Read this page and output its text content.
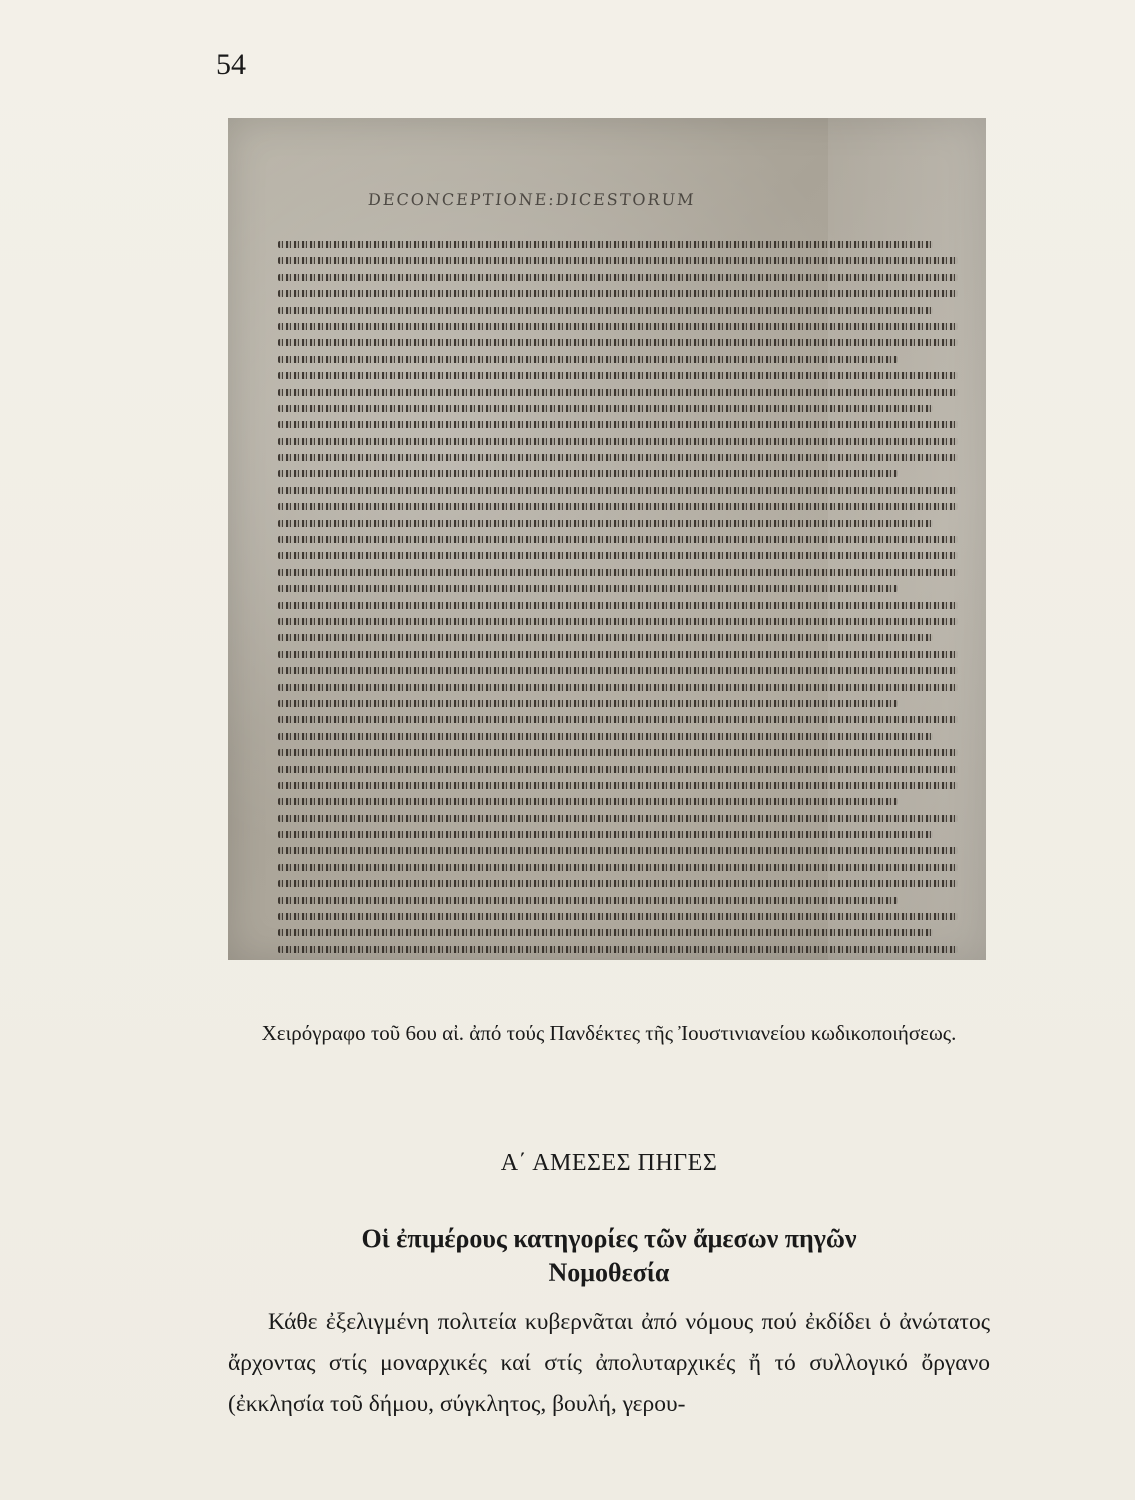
54
DECONCEPTIONE:DICESTORUM
Χειρόγραφο τοῦ 6ου αἰ. ἀπό τούς Πανδέκτες τῆς Ἰουστινιανείου κωδικοποιήσεως.
Α΄ ΑΜΕΣΕΣ ΠΗΓΕΣ
Οἱ ἐπιμέρους κατηγορίες τῶν ἄμεσων πηγῶν
Νομοθεσία

Κάθε ἐξελιγμένη πολιτεία κυβερνᾶται ἀπό νόμους πού ἐκδίδει ὁ ἀνώτατος ἄρχοντας στίς μοναρχικές καί στίς ἀπολυταρχικές ἤ τό συλλογικό ὄργανο (ἐκκλησία τοῦ δήμου, σύγκλητος, βουλή, γερου-
